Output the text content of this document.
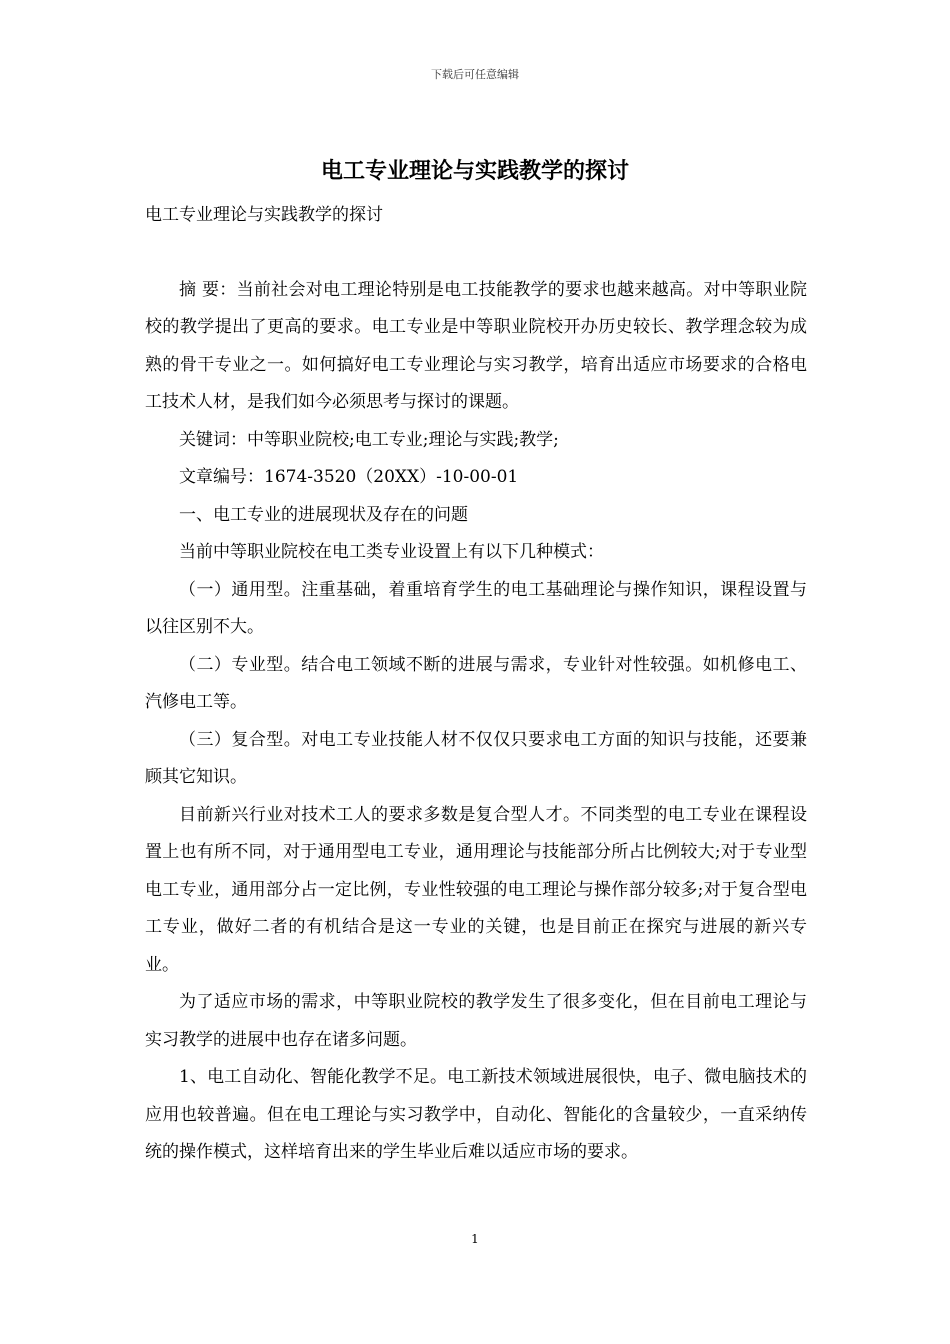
下载后可任意编辑
电工专业理论与实践教学的探讨

电工专业理论与实践教学的探讨

摘 要：当前社会对电工理论特别是电工技能教学的要求也越来越高。对中等职业院校的教学提出了更高的要求。电工专业是中等职业院校开办历史较长、教学理念较为成熟的骨干专业之一。如何搞好电工专业理论与实习教学，培育出适应市场要求的合格电工技术人材，是我们如今必须思考与探讨的课题。

关键词：中等职业院校;电工专业;理论与实践;教学;

文章编号：1674-3520（20XX）-10-00-01

一、电工专业的进展现状及存在的问题

当前中等职业院校在电工类专业设置上有以下几种模式：

（一）通用型。注重基础，着重培育学生的电工基础理论与操作知识，课程设置与以往区别不大。

（二）专业型。结合电工领域不断的进展与需求，专业针对性较强。如机修电工、汽修电工等。

（三）复合型。对电工专业技能人材不仅仅只要求电工方面的知识与技能，还要兼顾其它知识。

目前新兴行业对技术工人的要求多数是复合型人才。不同类型的电工专业在课程设置上也有所不同，对于通用型电工专业，通用理论与技能部分所占比例较大;对于专业型电工专业，通用部分占一定比例，专业性较强的电工理论与操作部分较多;对于复合型电工专业，做好二者的有机结合是这一专业的关键，也是目前正在探究与进展的新兴专业。

为了适应市场的需求，中等职业院校的教学发生了很多变化，但在目前电工理论与实习教学的进展中也存在诸多问题。

1、电工自动化、智能化教学不足。电工新技术领域进展很快，电子、微电脑技术的应用也较普遍。但在电工理论与实习教学中，自动化、智能化的含量较少，一直采纳传统的操作模式，这样培育出来的学生毕业后难以适应市场的要求。

1
